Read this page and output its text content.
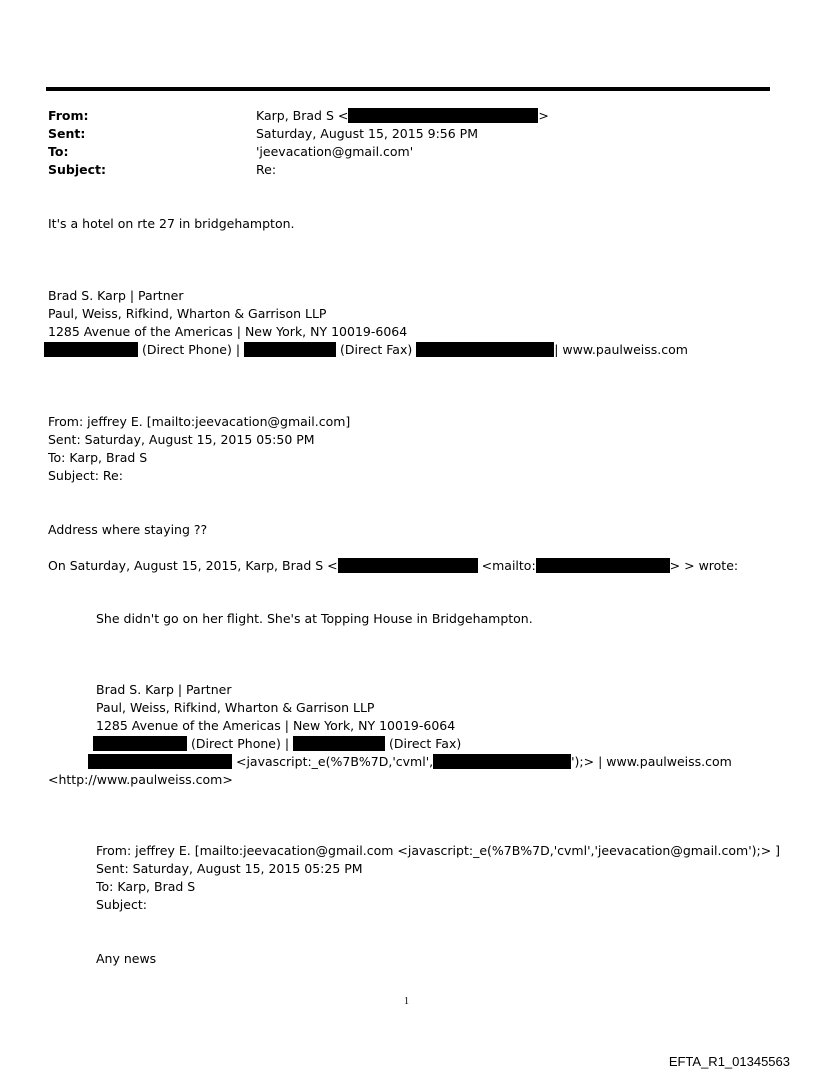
From:	Karp, Brad S <	>
Sent:	Saturday, August 15, 2015 9:56 PM
To:	'jeevacation@gmail.com'
Subject:	Re:
It's a hotel on rte 27 in bridgehampton.
Brad S. Karp | Partner
Paul, Weiss, Rifkind, Wharton & Garrison LLP
1285 Avenue of the Americas | New York, NY 10019-6064
(Direct Phone) |	(Direct Fax)	| www.paulweiss.com
From: jeffrey E. [mailto:jeevacation@gmail.com]
Sent: Saturday, August 15, 2015 05:50 PM
To: Karp, Brad S
Subject: Re:
Address where staying ??
On Saturday, August 15, 2015, Karp, Brad S <	<mailto:	> > wrote:
She didn't go on her flight. She's at Topping House in Bridgehampton.
Brad S. Karp | Partner
Paul, Weiss, Rifkind, Wharton & Garrison LLP
1285 Avenue of the Americas | New York, NY 10019-6064
(Direct Phone) |	(Direct Fax)
<javascript:_e(%7B%7D,'cvml',	');> | www.paulweiss.com
<http://www.paulweiss.com>
From: jeffrey E. [mailto:jeevacation@gmail.com <javascript:_e(%7B%7D,'cvml','jeevacation@gmail.com');> ]
Sent: Saturday, August 15, 2015 05:25 PM
To: Karp, Brad S
Subject:
Any news
1
EFTA_R1_01345563
